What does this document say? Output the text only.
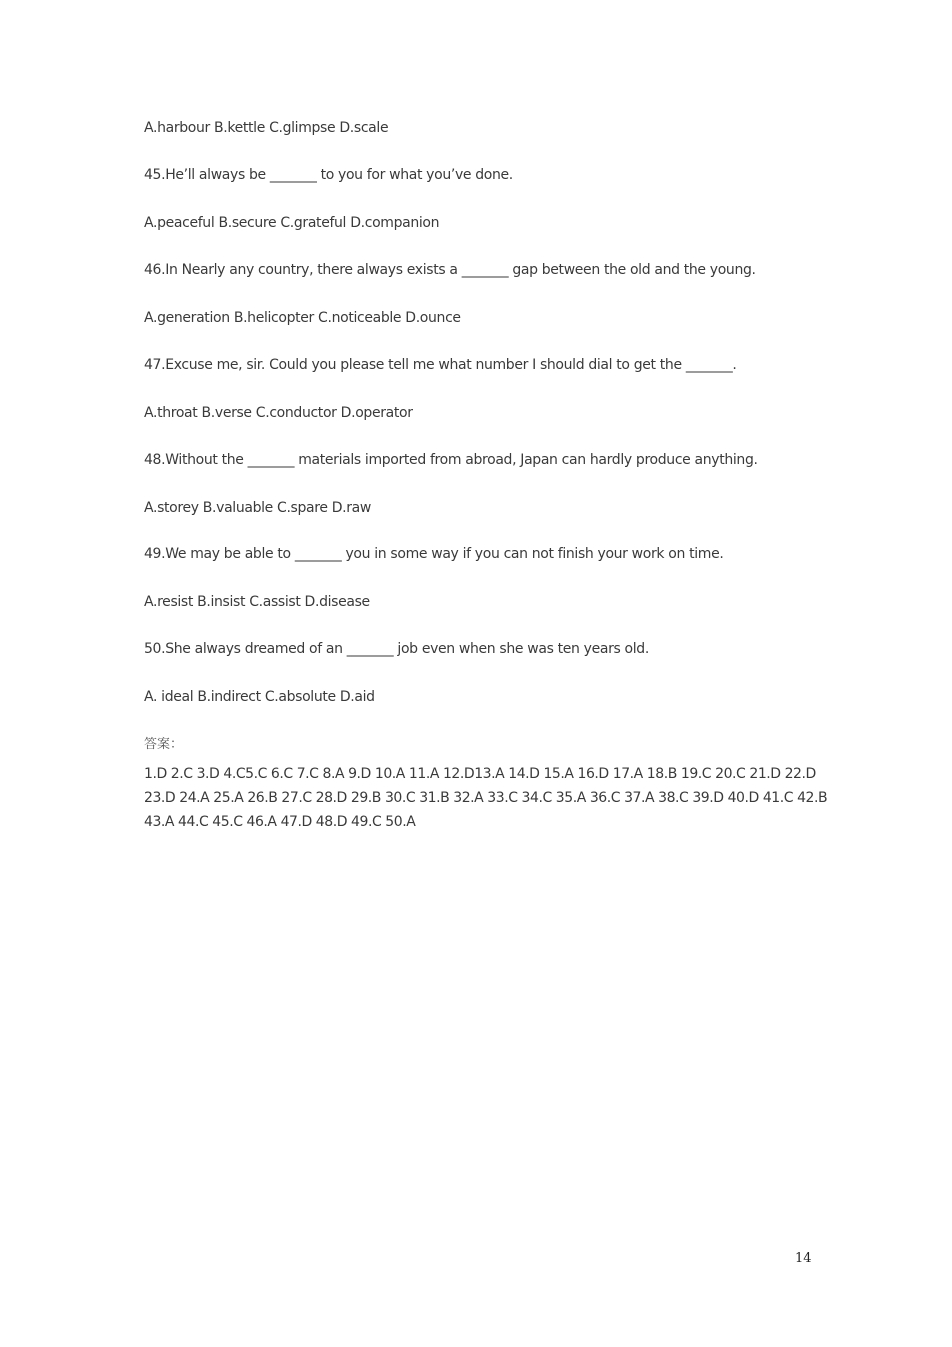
A.harbour B.kettle C.glimpse D.scale
45.He’ll always be _______ to you for what you’ve done.
A.peaceful B.secure C.grateful D.companion
46.In Nearly any country, there always exists a _______ gap between the old and the young.
A.generation B.helicopter C.noticeable D.ounce
47.Excuse me, sir. Could you please tell me what number I should dial to get the _______.
A.throat B.verse C.conductor D.operator
48.Without the _______ materials imported from abroad, Japan can hardly produce anything.
A.storey B.valuable C.spare D.raw
49.We may be able to _______ you in some way if you can not finish your work on time.
A.resist B.insist C.assist D.disease
50.She always dreamed of an _______ job even when she was ten years old.
A. ideal B.indirect C.absolute D.aid
答案：
1.D 2.C 3.D 4.C5.C 6.C 7.C 8.A 9.D 10.A 11.A 12.D13.A 14.D 15.A 16.D 17.A 18.B 19.C 20.C 21.D 22.D
23.D 24.A 25.A 26.B 27.C 28.D 29.B 30.C 31.B 32.A 33.C 34.C 35.A 36.C 37.A 38.C 39.D 40.D 41.C 42.B
43.A 44.C 45.C 46.A 47.D 48.D 49.C 50.A
14
